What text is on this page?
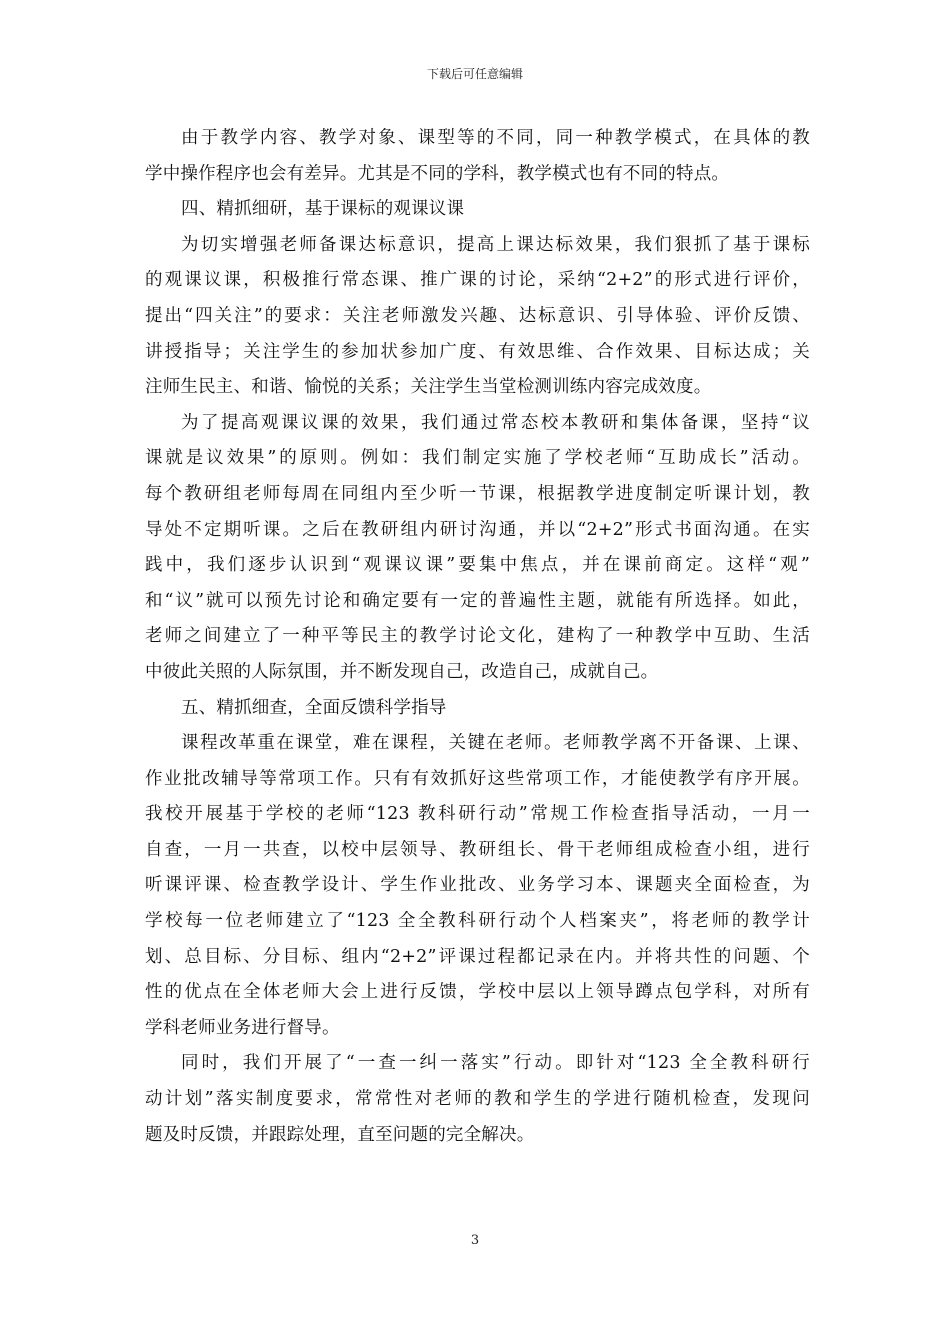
下载后可任意编辑
由于教学内容、教学对象、课型等的不同，同一种教学模式，在具体的教
学中操作程序也会有差异。尤其是不同的学科，教学模式也有不同的特点。
四、精抓细研，基于课标的观课议课
为切实增强老师备课达标意识，提高上课达标效果，我们狠抓了基于课标
的观课议课，积极推行常态课、推广课的讨论，采纳“2+2”的形式进行评价，
提出“四关注”的要求：关注老师激发兴趣、达标意识、引导体验、评价反馈、
讲授指导；关注学生的参加状参加广度、有效思维、合作效果、目标达成；关
注师生民主、和谐、愉悦的关系；关注学生当堂检测训练内容完成效度。
为了提高观课议课的效果，我们通过常态校本教研和集体备课，坚持“议
课就是议效果”的原则。例如：我们制定实施了学校老师“互助成长”活动。
每个教研组老师每周在同组内至少听一节课，根据教学进度制定听课计划，教
导处不定期听课。之后在教研组内研讨沟通，并以“2+2”形式书面沟通。在实
践中，我们逐步认识到“观课议课”要集中焦点，并在课前商定。这样“观”
和“议”就可以预先讨论和确定要有一定的普遍性主题，就能有所选择。如此，
老师之间建立了一种平等民主的教学讨论文化，建构了一种教学中互助、生活
中彼此关照的人际氛围，并不断发现自己，改造自己，成就自己。
五、精抓细查，全面反馈科学指导
课程改革重在课堂，难在课程，关键在老师。老师教学离不开备课、上课、
作业批改辅导等常项工作。只有有效抓好这些常项工作，才能使教学有序开展。
我校开展基于学校的老师“123 教科研行动”常规工作检查指导活动，一月一
自查，一月一共查，以校中层领导、教研组长、骨干老师组成检查小组，进行
听课评课、检查教学设计、学生作业批改、业务学习本、课题夹全面检查，为
学校每一位老师建立了“123 全全教科研行动个人档案夹”，将老师的教学计
划、总目标、分目标、组内“2+2”评课过程都记录在内。并将共性的问题、个
性的优点在全体老师大会上进行反馈，学校中层以上领导蹲点包学科，对所有
学科老师业务进行督导。
同时，我们开展了“一查一纠一落实”行动。即针对“123 全全教科研行
动计划”落实制度要求，常常性对老师的教和学生的学进行随机检查，发现问
题及时反馈，并跟踪处理，直至问题的完全解决。
3
